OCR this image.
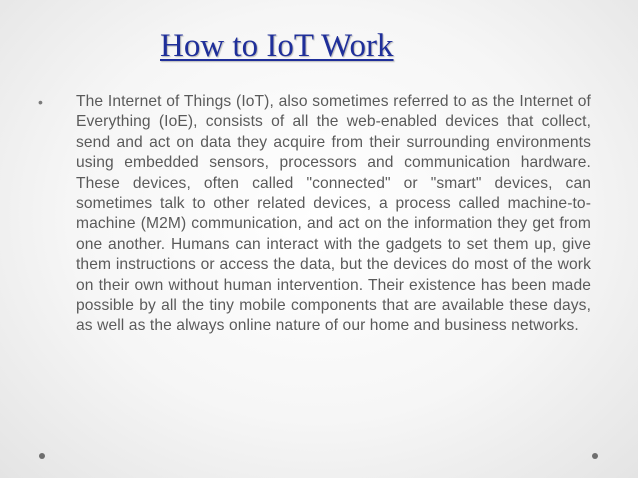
How to IoT Work
•	The Internet of Things (IoT), also sometimes referred to as the Internet of Everything (IoE), consists of all the web-enabled devices that collect, send and act on data they acquire from their surrounding environments using embedded sensors, processors and communication hardware. These devices, often called "connected" or "smart" devices, can sometimes talk to other related devices, a process called machine-to-machine (M2M) communication, and act on the information they get from one another. Humans can interact with the gadgets to set them up, give them instructions or access the data, but the devices do most of the work on their own without human intervention. Their existence has been made possible by all the tiny mobile components that are available these days, as well as the always online nature of our home and business networks.
